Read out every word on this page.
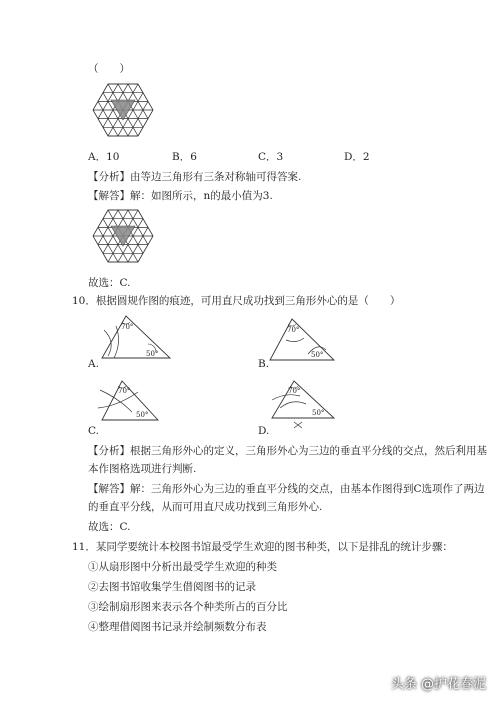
（　　）
A．10	B．6	C．3	D．2
【分析】由等边三角形有三条对称轴可得答案.
【解答】解：如图所示，n的最小值为3.
故选：C.
10．根据圆规作图的痕迹，可用直尺成功找到三角形外心的是（　　）
70°
50°
A.
70°
50°
B.
70°
50°
C.
70°
50°
D.
【分析】根据三角形外心的定义，三角形外心为三边的垂直平分线的交点，然后利用基
本作图格选项进行判断.
【解答】解：三角形外心为三边的垂直平分线的交点，由基本作图得到C选项作了两边
的垂直平分线，从而可用直尺成功找到三角形外心.
故选：C.
11．某同学要统计本校图书馆最受学生欢迎的图书种类，以下是排乱的统计步骤：
①从扇形图中分析出最受学生欢迎的种类
②去图书馆收集学生借阅图书的记录
③绘制扇形图来表示各个种类所占的百分比
④整理借阅图书记录并绘制频数分布表
头条 @护花春泥
